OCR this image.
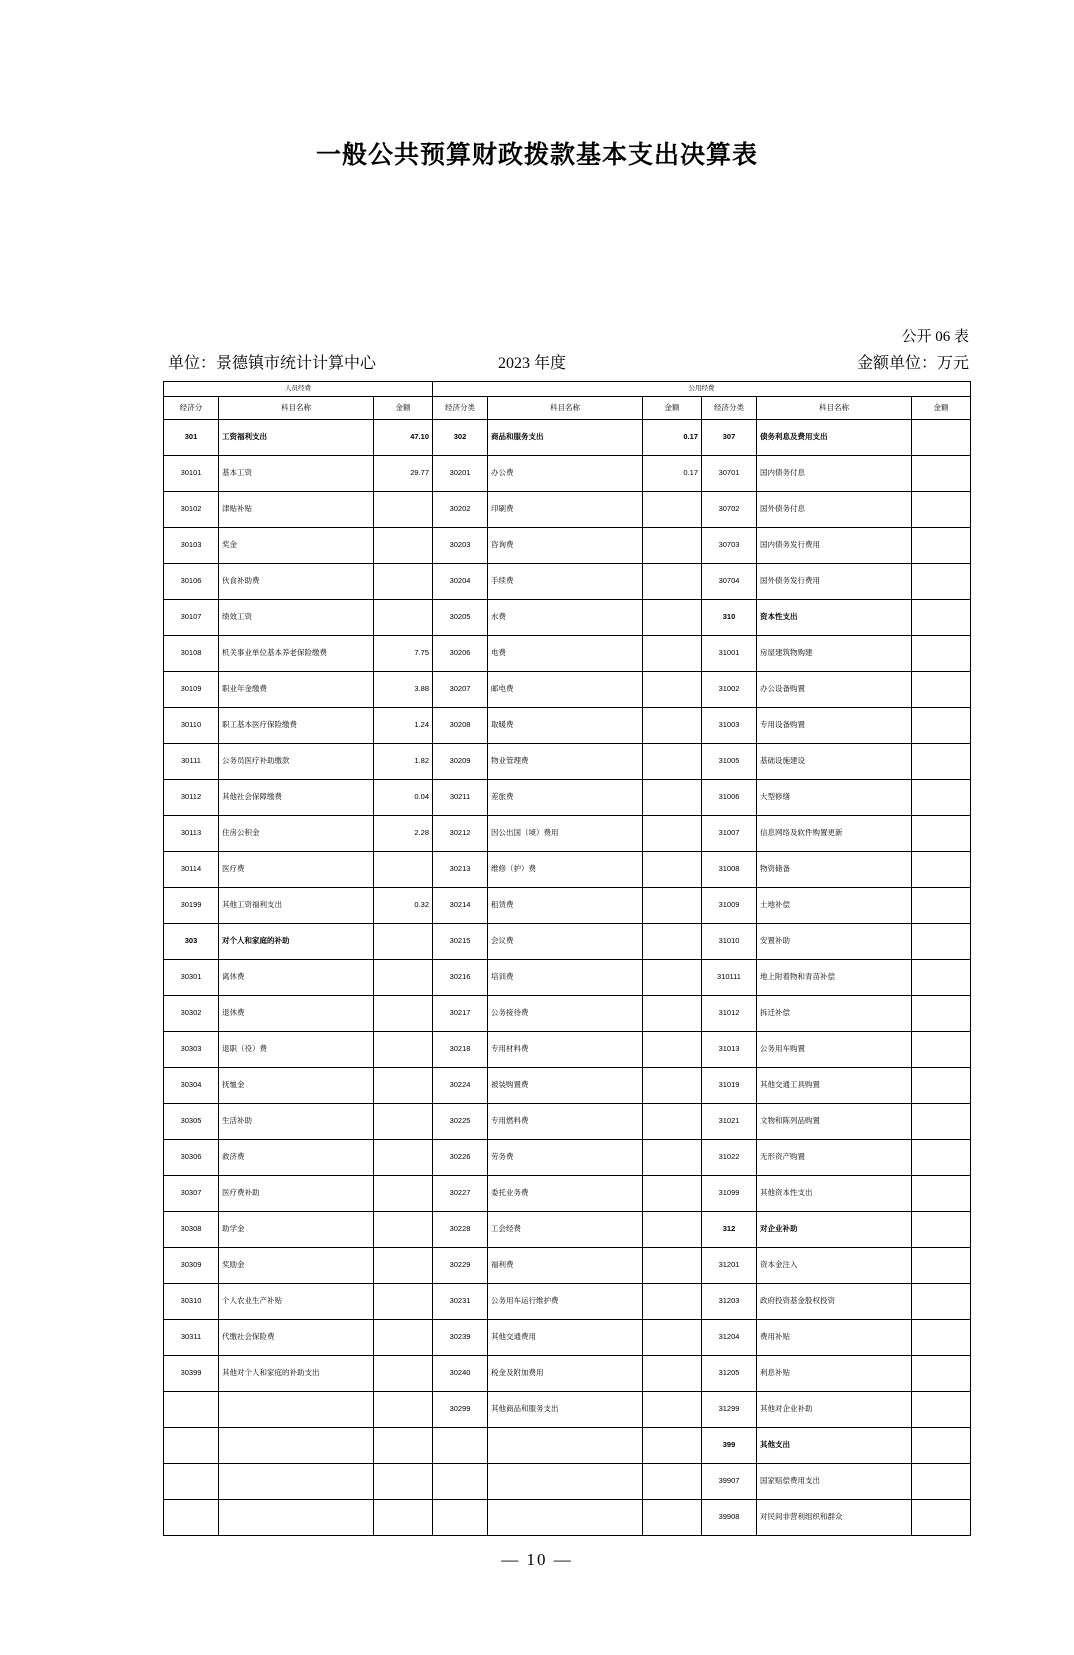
一般公共预算财政拨款基本支出决算表
公开 06 表
单位：景德镇市统计计算中心	2023 年度	金额单位：万元
人员经费			公用经费					
经济分	科目名称	金额	经济分类	科目名称	金额	经济分类	科目名称	金额
301	工资福利支出	47.10	302	商品和服务支出	0.17	307	债务利息及费用支出	
30101	基本工资	29.77	30201	办公费	0.17	30701	国内债务付息	
30102	津贴补贴		30202	印刷费		30702	国外债务付息	
30103	奖金		30203	咨询费		30703	国内债务发行费用	
30106	伙食补助费		30204	手续费		30704	国外债务发行费用	
30107	绩效工资		30205	水费		310	资本性支出	
30108	机关事业单位基本养老保险缴费	7.75	30206	电费		31001	房屋建筑物购建	
30109	职业年金缴费	3.88	30207	邮电费		31002	办公设备购置	
30110	职工基本医疗保险缴费	1.24	30208	取暖费		31003	专用设备购置	
30111	公务员医疗补助缴款	1.82	30209	物业管理费		31005	基础设施建设	
30112	其他社会保障缴费	0.04	30211	差旅费		31006	大型修缮	
30113	住房公积金	2.28	30212	因公出国（境）费用		31007	信息网络及软件购置更新	
30114	医疗费		30213	维修（护）费		31008	物资储备	
30199	其他工资福利支出	0.32	30214	租赁费		31009	土地补偿	
303	对个人和家庭的补助		30215	会议费		31010	安置补助	
30301	离休费		30216	培训费		310111	地上附着物和青苗补偿	
30302	退休费		30217	公务接待费		31012	拆迁补偿	
30303	退职（役）费		30218	专用材料费		31013	公务用车购置	
30304	抚恤金		30224	被装购置费		31019	其他交通工具购置	
30305	生活补助		30225	专用燃料费		31021	文物和陈列品购置	
30306	救济费		30226	劳务费		31022	无形资产购置	
30307	医疗费补助		30227	委托业务费		31099	其他资本性支出	
30308	助学金		30228	工会经费		312	对企业补助	
30309	奖励金		30229	福利费		31201	资本金注入	
30310	个人农业生产补贴		30231	公务用车运行维护费		31203	政府投资基金股权投资	
30311	代缴社会保险费		30239	其他交通费用		31204	费用补贴	
30399	其他对个人和家庭的补助支出		30240	税金及附加费用		31205	利息补贴	
			30299	其他商品和服务支出		31299	其他对企业补助	
						399	其他支出	
						39907	国家赔偿费用支出	
						39908	对民间非营利组织和群众	
— 10 —
